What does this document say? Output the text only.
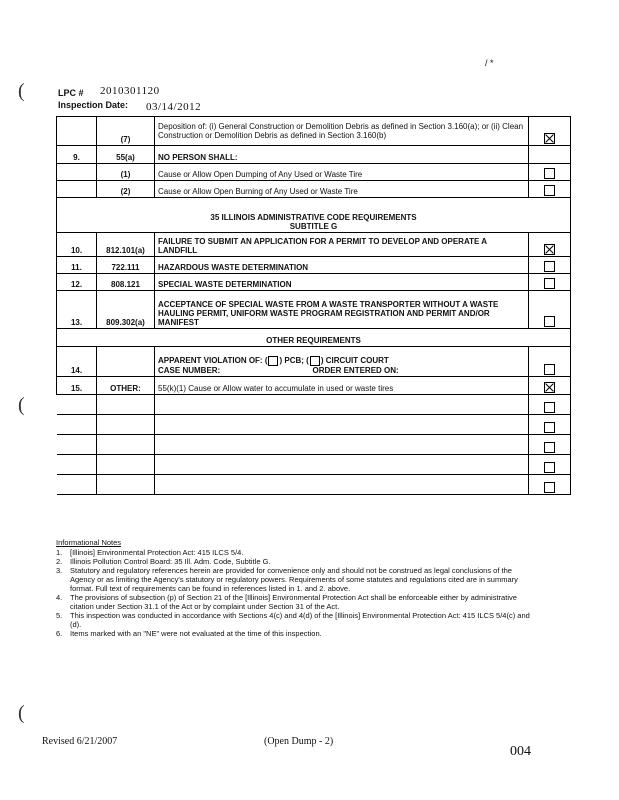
(
(
(
/ *
LPC # 2010301120
Inspection Date: 03/14/2012
	(7)	Deposition of: (i) General Construction or Demolition Debris as defined in Section 3.160(a); or (ii) Clean Construction or Demolition Debris as defined in Section 3.160(b)	
9.	55(a)	NO PERSON SHALL:	
	(1)	Cause or Allow Open Dumping of Any Used or Waste Tire	
	(2)	Cause or Allow Open Burning of Any Used or Waste Tire	

35 ILLINOIS ADMINISTRATIVE CODE REQUIREMENTS
SUBTITLE G			

10.	812.101(a)	FAILURE TO SUBMIT AN APPLICATION FOR A PERMIT TO DEVELOP AND OPERATE A LANDFILL	
11.	722.111	HAZARDOUS WASTE DETERMINATION	
12.	808.121	SPECIAL WASTE DETERMINATION	
13.	809.302(a)	ACCEPTANCE OF SPECIAL WASTE FROM A WASTE TRANSPORTER WITHOUT A WASTE HAULING PERMIT, UNIFORM WASTE PROGRAM REGISTRATION AND PERMIT AND/OR MANIFEST	
OTHER REQUIREMENTS			
14.		APPARENT VIOLATION OF: ( ) PCB; ( ) CIRCUIT COURT
CASE NUMBER: ORDER ENTERED ON:	

15.	OTHER:	55(k)(1) Cause or Allow water to accumulate in used or waste tires	

Informational Notes
1.	[Illinois] Environmental Protection Act: 415 ILCS 5/4.
2.	Illinois Pollution Control Board: 35 Ill. Adm. Code, Subtitle G.
3.	Statutory and regulatory references herein are provided for convenience only and should not be construed as legal conclusions of the Agency or as limiting the Agency's statutory or regulatory powers. Requirements of some statutes and regulations cited are in summary format. Full text of requirements can be found in references listed in 1. and 2. above.
4.	The provisions of subsection (p) of Section 21 of the [Illinois] Environmental Protection Act shall be enforceable either by administrative citation under Section 31.1 of the Act or by complaint under Section 31 of the Act.
5.	This inspection was conducted in accordance with Sections 4(c) and 4(d) of the [Illinois] Environmental Protection Act: 415 ILCS 5/4(c) and (d).
6.	Items marked with an "NE" were not evaluated at the time of this inspection.
Revised 6/21/2007	(Open Dump - 2)
004
